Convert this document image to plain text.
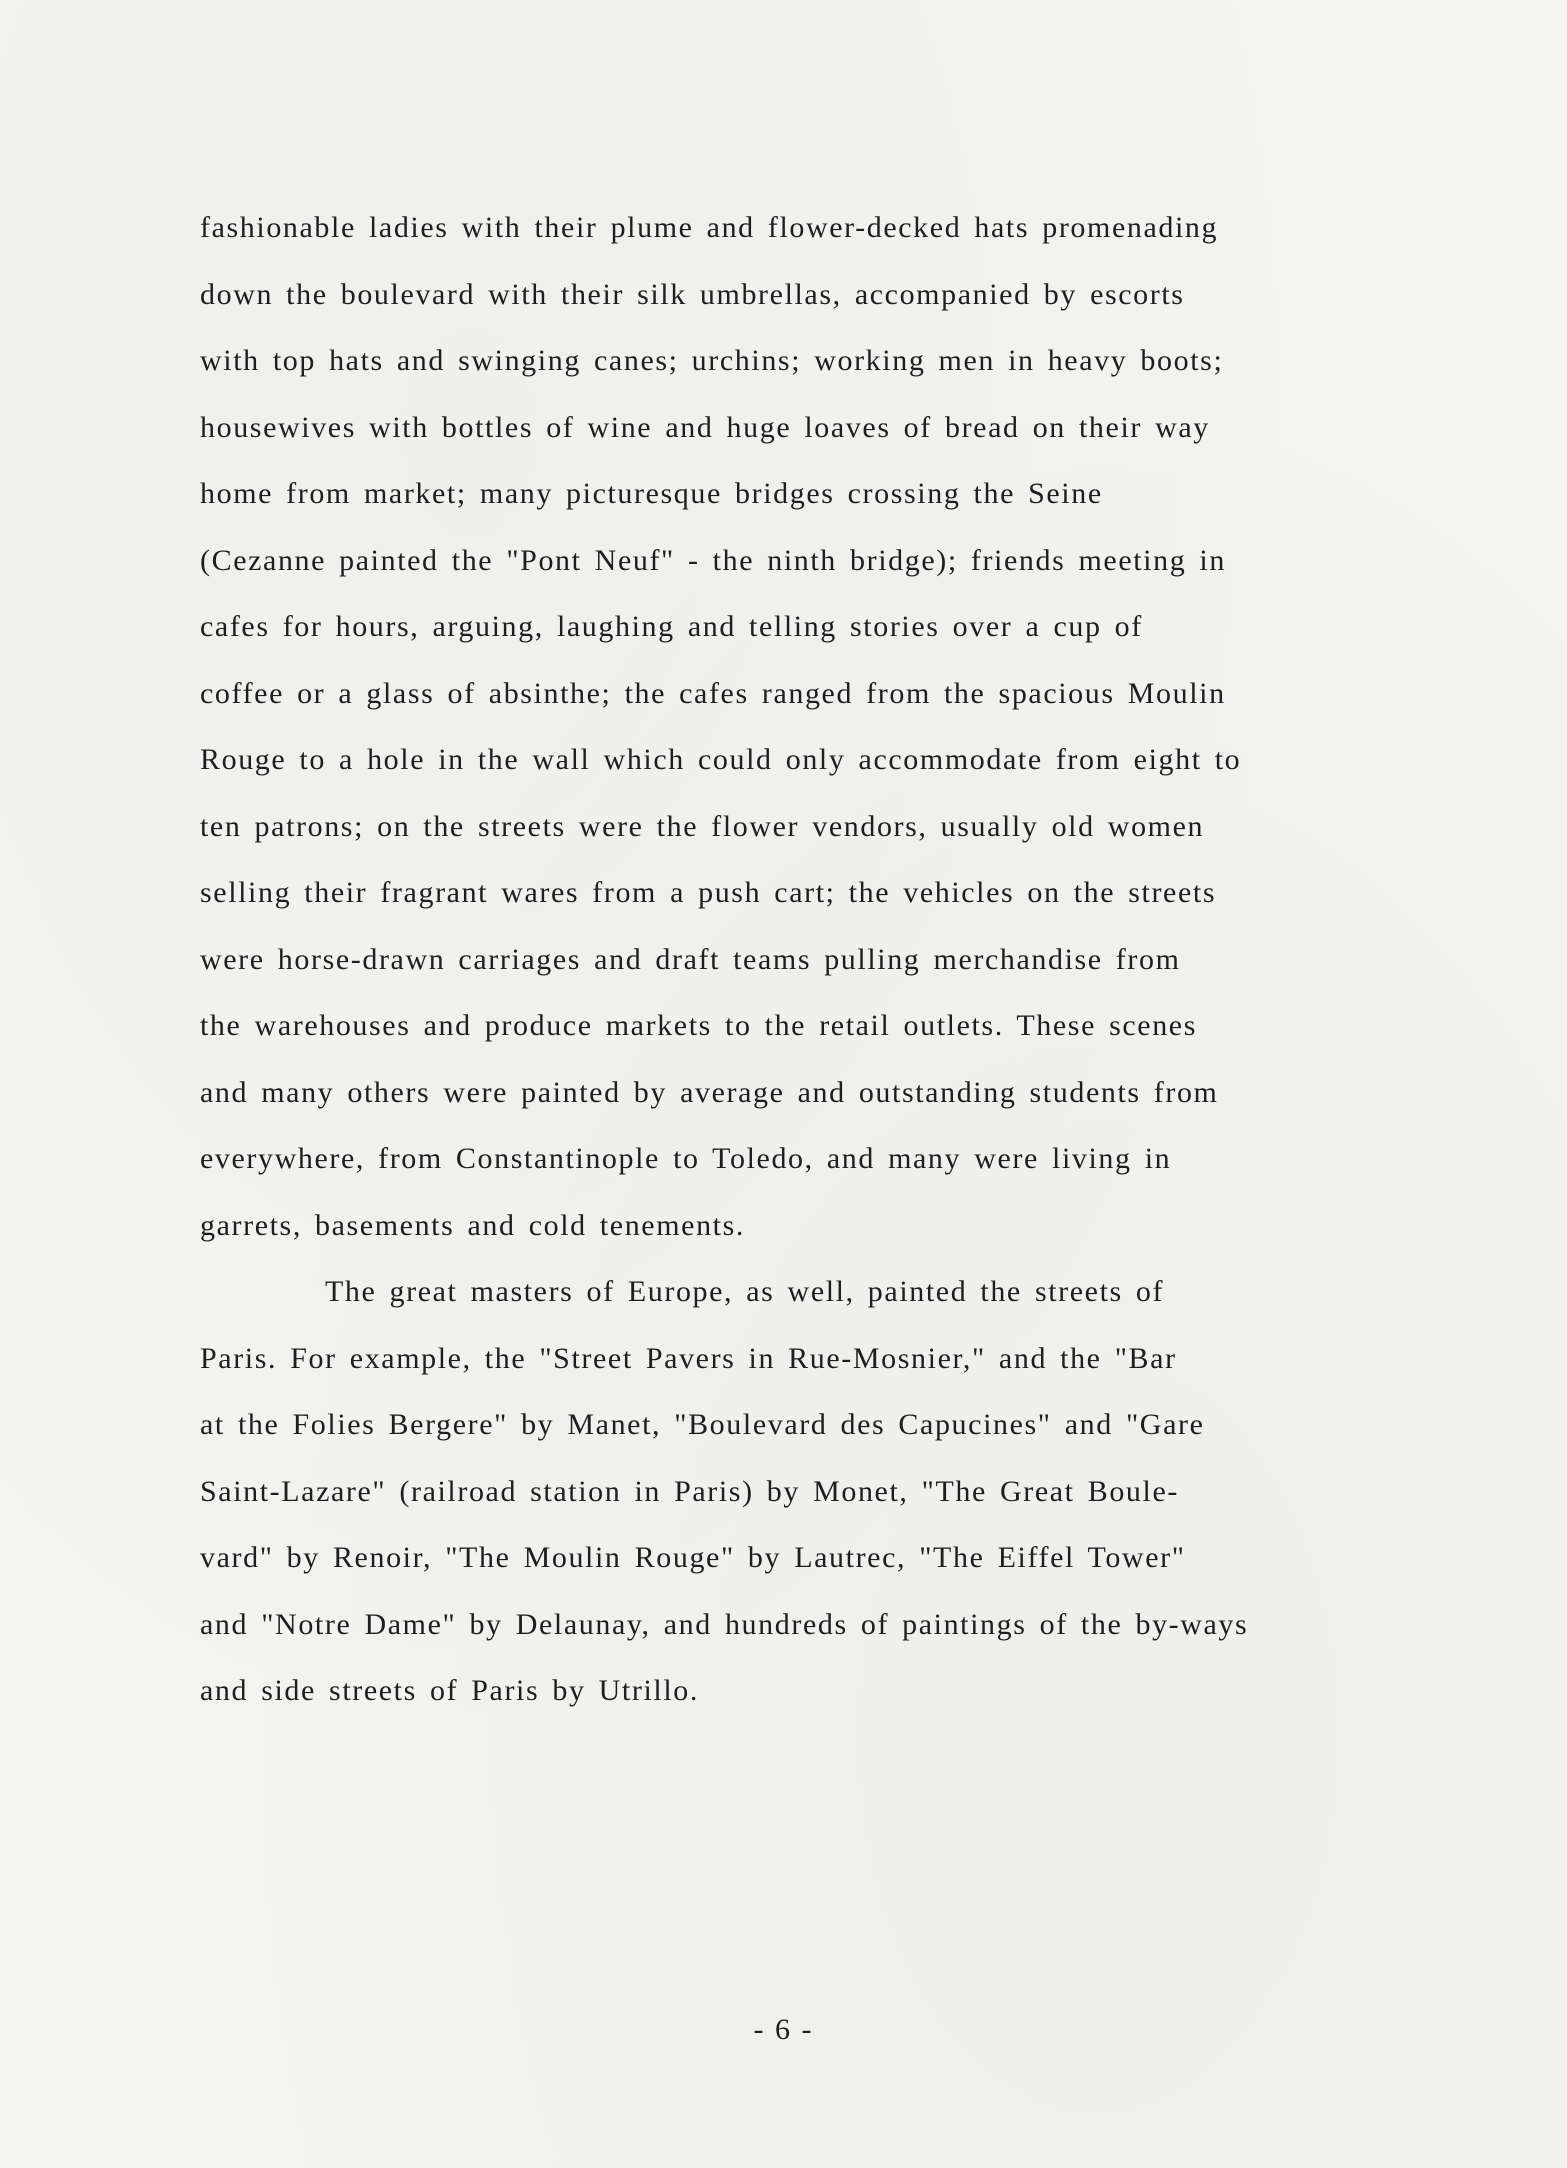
fashionable ladies with their plume and flower-decked hats promenading
down the boulevard with their silk umbrellas, accompanied by escorts
with top hats and swinging canes; urchins; working men in heavy boots;
housewives with bottles of wine and huge loaves of bread on their way
home from market; many picturesque bridges crossing the Seine
(Cezanne painted the "Pont Neuf" - the ninth bridge); friends meeting in
cafes for hours, arguing, laughing and telling stories over a cup of
coffee or a glass of absinthe; the cafes ranged from the spacious Moulin
Rouge to a hole in the wall which could only accommodate from eight to
ten patrons; on the streets were the flower vendors, usually old women
selling their fragrant wares from a push cart; the vehicles on the streets
were horse-drawn carriages and draft teams pulling merchandise from
the warehouses and produce markets to the retail outlets. These scenes
and many others were painted by average and outstanding students from
everywhere, from Constantinople to Toledo, and many were living in
garrets, basements and cold tenements.
The great masters of Europe, as well, painted the streets of
Paris. For example, the "Street Pavers in Rue-Mosnier," and the "Bar
at the Folies Bergere" by Manet, "Boulevard des Capucines" and "Gare
Saint-Lazare" (railroad station in Paris) by Monet, "The Great Boule-
vard" by Renoir, "The Moulin Rouge" by Lautrec, "The Eiffel Tower"
and "Notre Dame" by Delaunay, and hundreds of paintings of the by-ways
and side streets of Paris by Utrillo.
- 6 -
